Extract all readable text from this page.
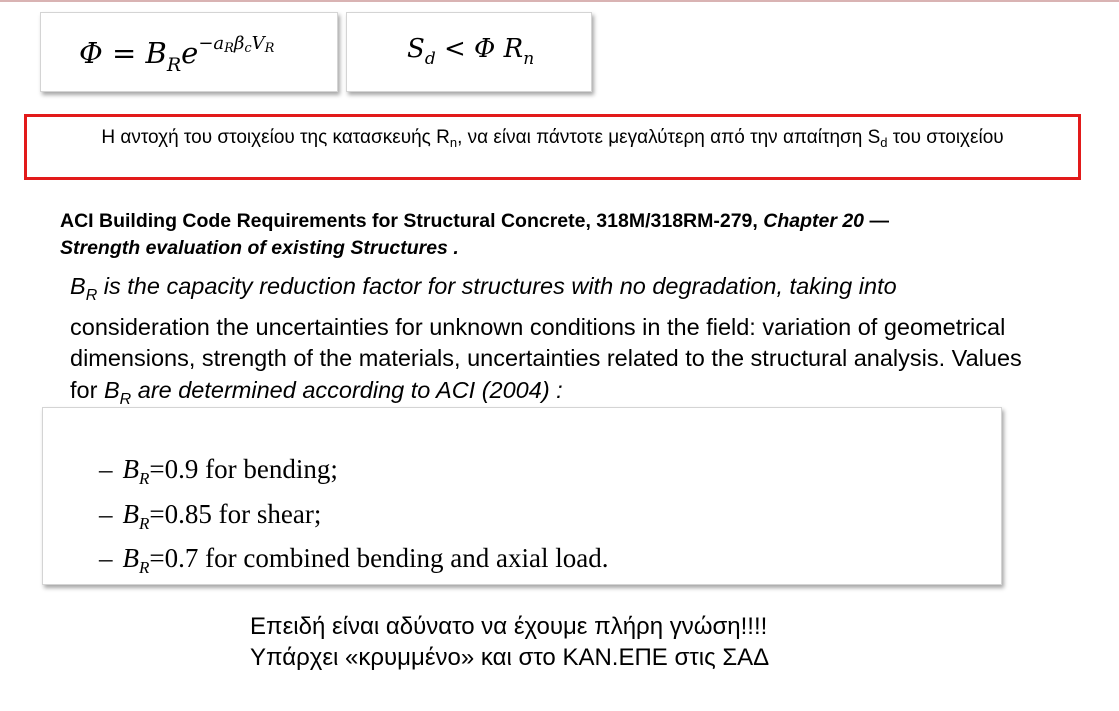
$\Phi = B_Re^{-a_R\beta_cV_R}$	$S_d < \Phi$ $R_n$
Η αντοχή του στοιχείου της κατασκευής $R_n$, να είναι πάντοτε μεγαλύτερη από την απαίτηση $S_d$ του στοιχείου
ACI Building Code Requirements for Structural Concrete, 318M/318RM-279, Chapter 20 —
Strength evaluation of existing Structures .
$B_R$ is the capacity reduction factor for structures with no degradation, taking into
consideration the uncertainties for unknown conditions in the field: variation of geometrical dimensions, strength of the materials, uncertainties related to the structural analysis. Values for $B_R$ are determined according to ACI (2004) :
– $B_R=0.9$ for bending;
– $B_R=0.85$ for shear;
– $B_R=0.7$ for combined bending and axial load.
Επειδή είναι αδύνατο να έχουμε πλήρη γνώση!!!!
Υπάρχει «κρυμμένο» και στο ΚΑΝ.ΕΠΕ στις ΣΑΔ
